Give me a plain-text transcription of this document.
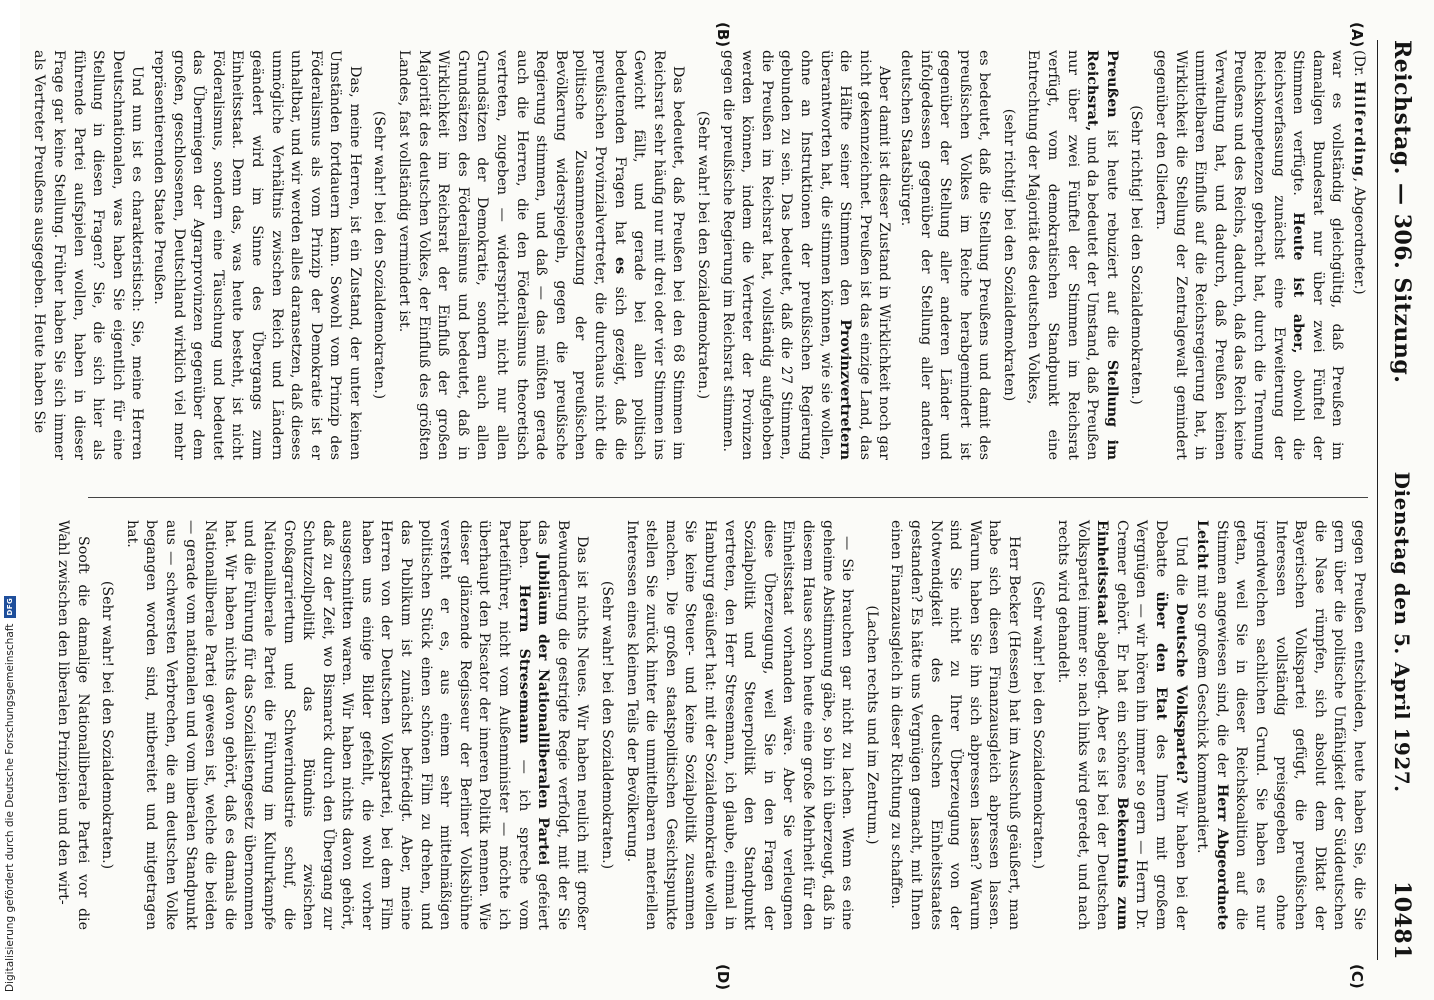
Reichstag. — 306. Sitzung.
Dienstag den 5. April 1927.
10481
(A)
(B)
(C)
(D)

(Dr. Hilferding, Abgeordneter.)

war es vollständig gleichgültig, daß Preußen im damaligen Bundesrat nur über zwei Fünftel der Stimmen verfügte. Heute ist aber, obwohl die Reichsverfassung zunächst eine Erweiterung der Reichskompetenzen gebracht hat, durch die Trennung Preußens und des Reichs, dadurch, daß das Reich keine Verwaltung hat, und dadurch, daß Preußen keinen unmittelbaren Einfluß auf die Reichsregierung hat, in Wirklichkeit die Stellung der Zentralgewalt gemindert gegenüber den Gliedern.

(Sehr richtig! bei den Sozialdemokraten.)

Preußen ist heute rebuziert auf die Stellung im Reichsrat, und da bedeutet der Umstand, daß Preußen nur über zwei Fünftel der Stimmen im Reichsrat verfügt, vom demokratischen Standpunkt eine Entrechtung der Majorität des deutschen Volkes,

(sehr richtig! bei den Sozialdemokraten)

es bedeutet, daß die Stellung Preußens und damit des preußischen Volkes im Reiche herabgemindert ist gegenüber der Stellung aller anderen Länder und infolgedessen gegenüber der Stellung aller anderen deutschen Staatsbürger.

Aber damit ist dieser Zustand in Wirklichkeit noch gar nicht gekennzeichnet. Preußen ist das einzige Land, das die Hälfte seiner Stimmen den Provinzvertretern überantworten hat, die stimmen können, wie sie wollen, ohne an Instruktionen der preußischen Regierung gebunden zu sein. Das bedeutet, daß die 27 Stimmen, die Preußen im Reichsrat hat, vollständig aufgehoben werden können, indem die Vertreter der Provinzen gegen die preußische Regierung im Reichsrat stimmen.

(Sehr wahr! bei den Sozialdemokraten.)

Das bedeutet, daß Preußen bei den 68 Stimmen im Reichsrat sehr häufig nur mit drei oder vier Stimmen ins Gewicht fällt, und gerade bei allen politisch bedeutenden Fragen hat es sich gezeigt, daß die preußischen Provinzialvertreter, die durchaus nicht die politische Zusammensetzung der preußischen Bevölkerung widerspiegeln, gegen die preußische Regierung stimmen, und daß — das müßten gerade auch die Herren, die den Föderalismus theoretisch vertreten, zugeben — widerspricht nicht nur allen Grundsätzen der Demokratie, sondern auch allen Grundsätzen des Föderalismus und bedeutet, daß in Wirklichkeit im Reichsrat der Einfluß der großen Majorität des deutschen Volkes, der Einfluß des größten Landes, fast vollständig vermindert ist.

(Sehr wahr! bei den Sozialdemokraten.)

Das, meine Herren, ist ein Zustand, der unter keinen Umständen fortdauern kann. Sowohl vom Prinzip des Föderalismus als vom Prinzip der Demokratie ist er unhaltbar, und wir werden alles daransetzen, daß dieses unmögliche Verhältnis zwischen Reich und Ländern geändert wird im Sinne des Übergangs zum Einheitsstaat. Denn das, was heute besteht, ist nicht Föderalismus, sondern eine Täuschung und bedeutet das Übermiegen der Agrarprovinzen gegenüber dem großen, geschlossenen, Deutschland wirklich viel mehr repräsentierenden Staate Preußen.

Und nun ist es charakteristisch: Sie, meine Herren Deutschnationalen, was haben Sie eigentlich für eine Stellung in diesen Fragen? Sie, die sich hier als führende Partei aufspielen wollen, haben in dieser Frage gar keine Stellung. Früher haben Sie sich immer als Vertreter Preußens ausgegeben. Heute haben Sie

gegen Preußen entschieden, heute haben Sie, die Sie gern über die politische Unfähigkeit der Süddeutschen die Nase rümpfen, sich absolut dem Diktat der Bayerischen Volkspartei gefügt, die preußischen Interessen vollständig preisgegeben ohne irgendwelchen sachlichen Grund. Sie haben es nur getan, weil Sie in dieser Reichskoalition auf die Stimmen angewiesen sind, die der Herr Abgeordnete Leicht mit so großem Geschick kommandiert.

Und die Deutsche Volkspartei? Wir haben bei der Debatte über den Etat des Innern mit großem Vergnügen — wir hören ihn immer so gern — Herrn Dr. Cremer gehört. Er hat ein schönes Bekenntnis zum Einheitsstaat abgelegt. Aber es ist bei der Deutschen Volkspartei immer so: nach links wird geredet, und nach rechts wird gehandelt.

(Sehr wahr! bei den Sozialdemokraten.)

Herr Becker (Hessen) hat im Ausschuß geäußert, man habe sich diesen Finanzausgleich abpressen lassen. Warum haben Sie ihn sich abpressen lassen? Warum sind Sie nicht zu Ihrer Überzeugung von der Notwendigkeit des deutschen Einheitsstaates gestanden? Es hätte uns Vergnügen gemacht, mit Ihnen einen Finanzausgleich in dieser Richtung zu schaffen.

(Lachen rechts und im Zentrum.)

— Sie brauchen gar nicht zu lachen. Wenn es eine geheime Abstimmung gäbe, so bin ich überzeugt, daß in diesem Hause schon heute eine große Mehrheit für den Einheitsstaat vorhanden wäre. Aber Sie verleugnen diese Überzeugung, weil Sie in den Fragen der Sozialpolitik und Steuerpolitik den Standpunkt vertreten, den Herr Stresemann, ich glaube, einmal in Hamburg geäußert hat: mit der Sozialdemokratie wollen Sie keine Steuer- und keine Sozialpolitik zusammen machen. Die großen staatspolitischen Gesichtspunkte stellen Sie zurück hinter die unmittelbaren materiellen Interessen eines kleinen Teils der Bevölkerung.

(Sehr wahr! bei den Sozialdemokraten.)

Das ist nichts Neues. Wir haben neulich mit großer Bewunderung die gestrigte Regie verfolgt, mit der Sie das Jubiläum der Nationalliberalen Partei gefeiert haben. Herrn Stresemann — ich spreche vom Parteiführer, nicht vom Außenminister — möchte ich überhaupt den Piscator der inneren Politik nennen. Wie dieser glänzende Regisseur der Berliner Volksbühne versteht er es, aus einem sehr mittelmäßigen politischen Stück einen schönen Film zu drehen, und das Publikum ist zunächst befriedigt. Aber, meine Herren von der Deutschen Volkspartei, bei dem Film haben uns einige Bilder gefehlt, die wohl vorher ausgeschnitten waren. Wir haben nichts davon gehört, daß zu der Zeit, wo Bismarck durch den Übergang zur Schutzzollpolitik das Bündnis zwischen Großagrariertum und Schwerindustrie schuf, die Nationalliberale Partei die Führung im Kulturkampfe und die Führung für das Sozialistengesetz übernommen hat. Wir haben nichts davon gehört, daß es damals die Nationalliberale Partei gewesen ist, welche die beiden — gerade vom nationalen und vom liberalen Standpunkt aus — schwersten Verbrechen, die am deutschen Volke begangen worden sind, mitbereitet und mitgetragen hat.

(Sehr wahr! bei den Sozialdemokraten.)

Sooft die damalige Nationalliberale Partei vor die Wahl zwischen den liberalen Prinzipien und den wirt-

Digitalisierung gefördert durch die Deutsche Forschungsgemeinschaft
DFG
